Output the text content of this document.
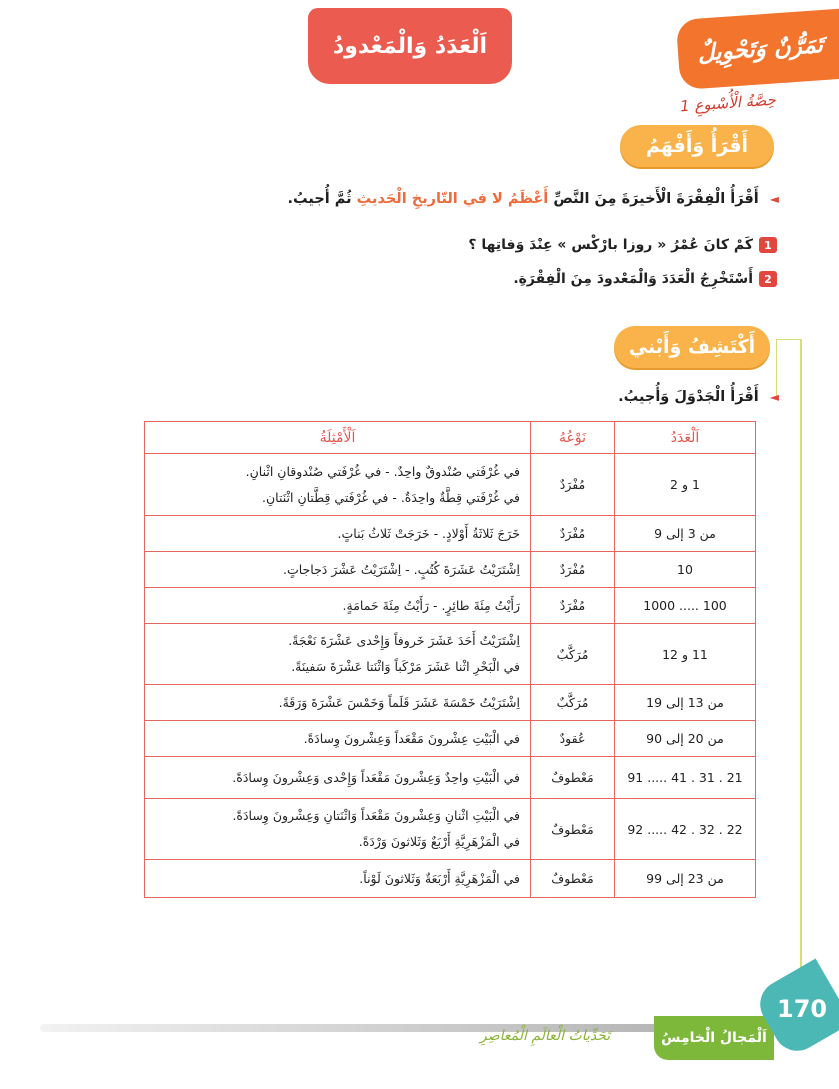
اَلْعَدَدُ وَالْمَعْدودُ	تَمَرُّنٌ وَتَحْوِيلٌ
حِصَّةُ الْأُسْبوعِ 1
أَقْرَأُ وَأَفْهَمُ
◄ أَقْرَأُ الْفِقْرَةَ الْأَخيرَةَ مِنَ النَّصِّ أَعْظَمُ لا في التّاريخِ الْحَديثِ ثُمَّ أُجيبُ.
1
كَمْ كانَ عُمْرُ « روزا بارْكْس » عِنْدَ وَفاتِها ؟
2
أَسْتَخْرِجُ الْعَدَدَ وَالْمَعْدودَ مِنَ الْفِقْرَةِ.
أَكْتَشِفُ وَأَبْني
◄ أَقْرَأُ الْجَدْوَلَ وَأُجيبُ.
اَلْعَدَدُ	نَوْعُهُ	اَلْأَمْثِلَةُ
1 و 2	مُفْرَدٌ	في غُرْفَتي صُنْدوقٌ واحِدٌ. - في غُرْفَتي صُنْدوقانِ اثْنانِ.
في غُرْفَتي قِطَّةٌ واحِدَةٌ. - في غُرْفَتي قِطَّتانِ اثْنَتانِ.

من 3 إلى 9	مُفْرَدٌ	خَرَجَ ثَلاثَةُ أَوْلادٍ. - خَرَجَتْ ثَلاثُ بَناتٍ.

10	مُفْرَدٌ	اِشْتَرَيْتُ عَشَرَةَ كُتُبٍ. - اِشْتَرَيْتُ عَشْرَ دَجاجاتٍ.

100 ..... 1000	مُفْرَدٌ	رَأَيْتُ مِئَةَ طائِرٍ. - رَأَيْتُ مِئَةَ حَمامَةٍ.

11 و 12	مُرَكَّبٌ	اِشْتَرَيْتُ أَحَدَ عَشَرَ خَروفاً وَإِحْدى عَشْرَةَ نَعْجَةً.
في الْبَحْرِ اثْنا عَشَرَ مَرْكَباً وَاثْنَتا عَشْرَةَ سَفينَةً.

من 13 إلى 19	مُرَكَّبٌ	اِشْتَرَيْتُ خَمْسَةَ عَشَرَ قَلَماً وَخَمْسَ عَشْرَةَ وَرَقَةً.

من 20 إلى 90	عُقودٌ	في الْبَيْتِ عِشْرونَ مَقْعَداً وَعِشْرونَ وِسادَةً.

21 . 31 . 41 ..... 91	مَعْطوفٌ	في الْبَيْتِ واحِدٌ وَعِشْرونَ مَقْعَداً وَإِحْدى وَعِشْرونَ وِسادَةً.

22 . 32 . 42 ..... 92	مَعْطوفٌ	في الْبَيْتِ اثْنانِ وَعِشْرونَ مَقْعَداً وَاثْنَتانِ وَعِشْرونَ وِسادَةً.
في الْمَزْهَرِيَّةِ أَرْبَعٌ وَثَلاثونَ وَرْدَةً.

من 23 إلى 99	مَعْطوفٌ	في الْمَزْهَرِيَّةِ أَرْبَعَةٌ وَثَلاثونَ لَوْناً.
تَحَدِّياتُ الْعالَمِ الْمُعاصِرِ	اَلْمَجالُ الْخامِسُ
170
